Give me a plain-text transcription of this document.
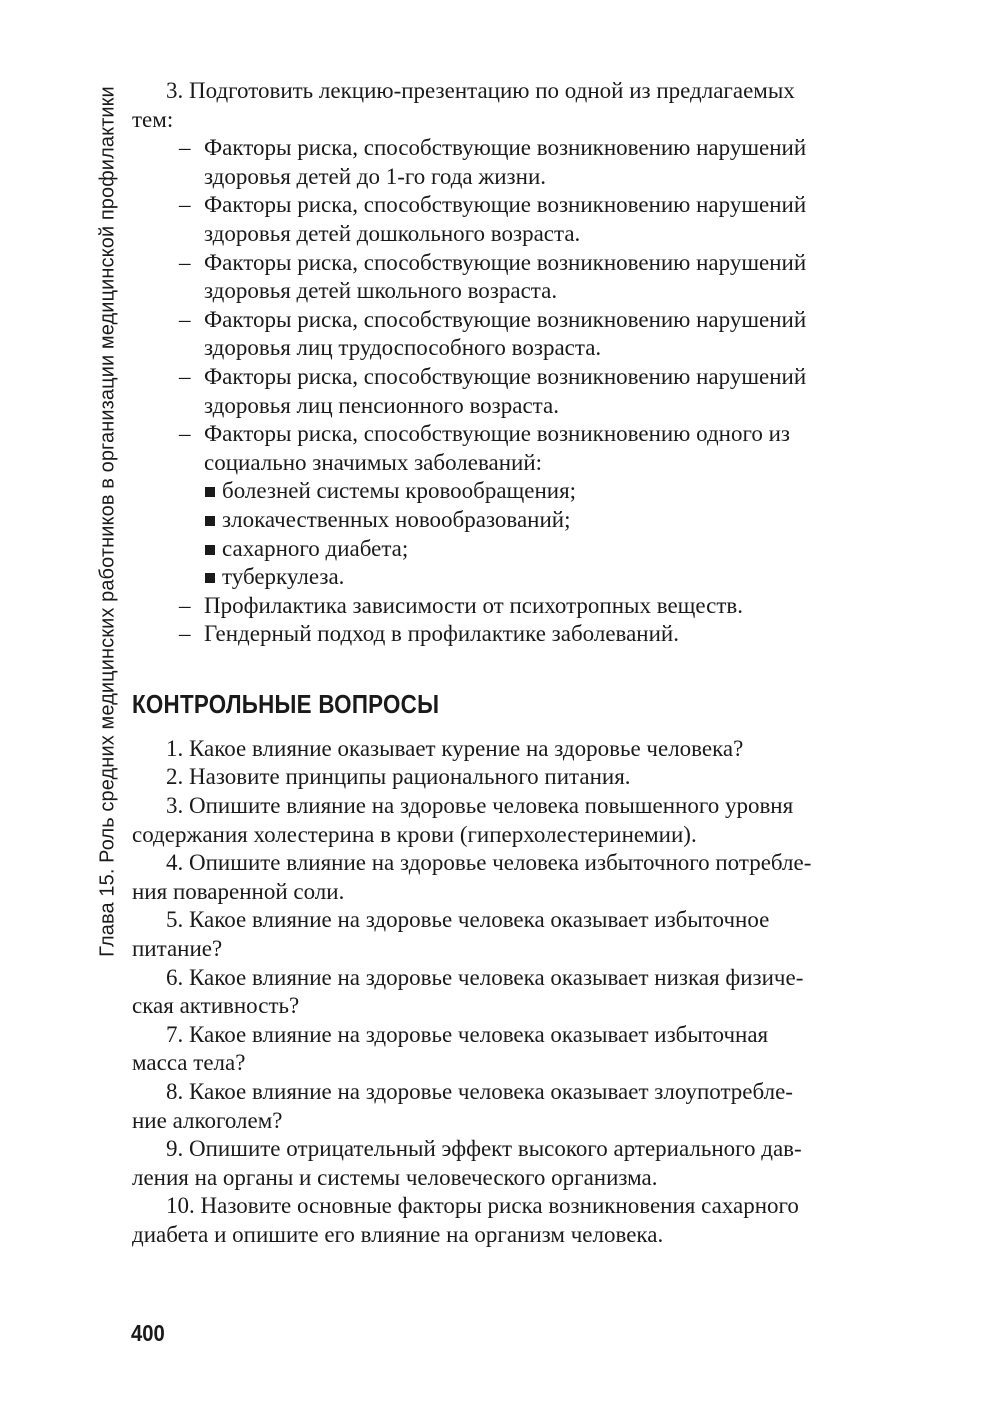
Глава 15. Роль средних медицинских работников в организации медицинской профилактики	3. Подготовить лекцию-презентацию по одной из предлагаемых
тем:

– Факторы риска, способствующие возникновению нарушений
здоровья детей до 1-го года жизни.
– Факторы риска, способствующие возникновению нарушений
здоровья детей дошкольного возраста.
– Факторы риска, способствующие возникновению нарушений
здоровья детей школьного возраста.
– Факторы риска, способствующие возникновению нарушений
здоровья лиц трудоспособного возраста.
– Факторы риска, способствующие возникновению нарушений
здоровья лиц пенсионного возраста.
– Факторы риска, способствующие возникновению одного из
социально значимых заболеваний:
болезней системы кровообращения;
злокачественных новообразований;
сахарного диабета;
туберкулеза.
– Профилактика зависимости от психотропных веществ.
– Гендерный подход в профилактике заболеваний.
КОНТРОЛЬНЫЕ ВОПРОСЫ

1. Какое влияние оказывает курение на здоровье человека?

2. Назовите принципы рационального питания.

3. Опишите влияние на здоровье человека повышенного уровня
содержания холестерина в крови (гиперхолестеринемии).

4. Опишите влияние на здоровье человека избыточного потребле-
ния поваренной соли.

5. Какое влияние на здоровье человека оказывает избыточное
питание?

6. Какое влияние на здоровье человека оказывает низкая физиче-
ская активность?

7. Какое влияние на здоровье человека оказывает избыточная
масса тела?

8. Какое влияние на здоровье человека оказывает злоупотребле-
ние алкоголем?

9. Опишите отрицательный эффект высокого артериального дав-
ления на органы и системы человеческого организма.

10. Назовите основные факторы риска возникновения сахарного
диабета и опишите его влияние на организм человека.

400
